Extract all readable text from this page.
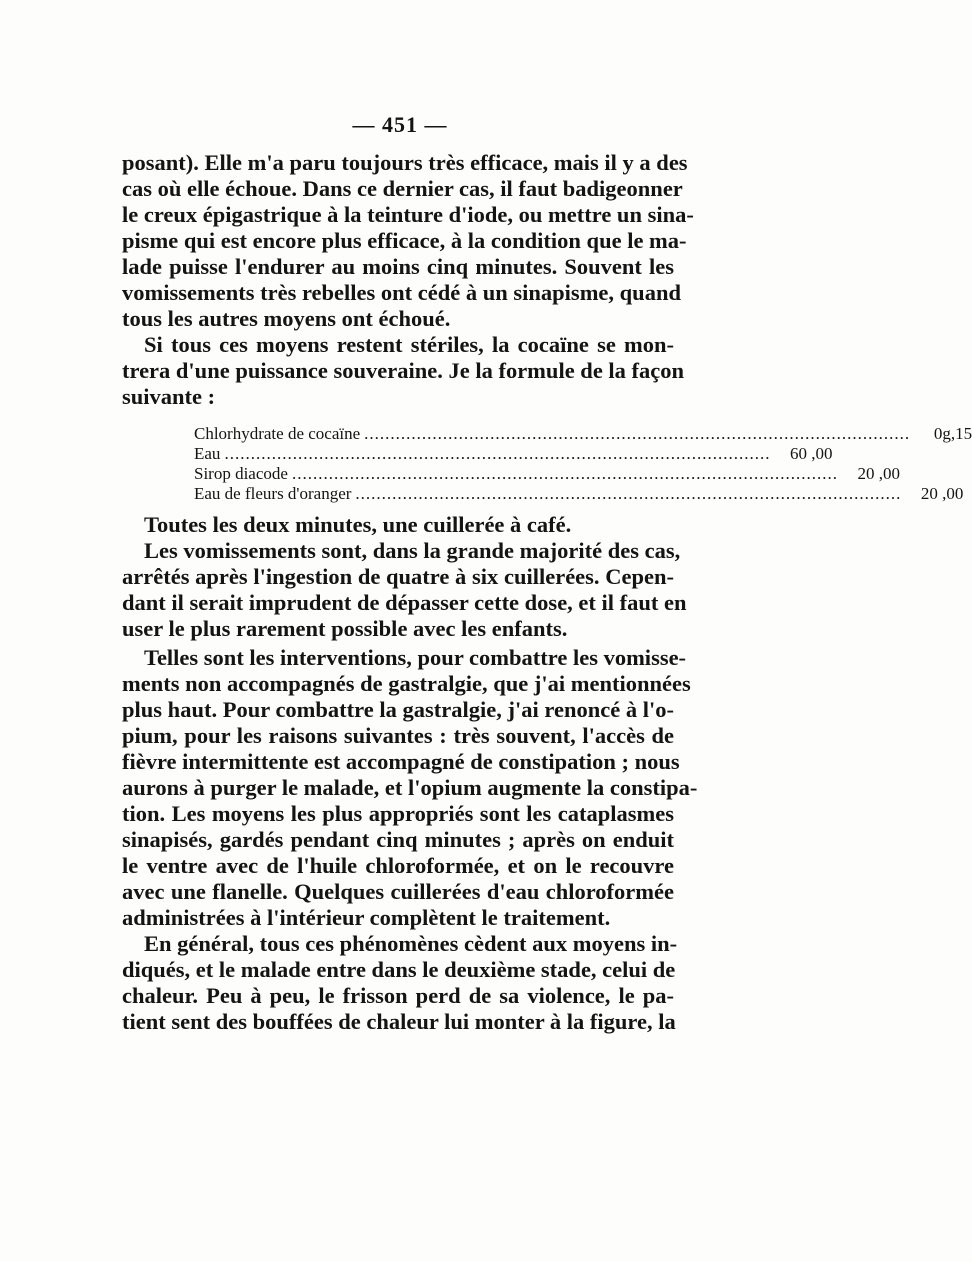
— 451 —
posant). Elle m'a paru toujours très efficace, mais il y a des
cas où elle échoue. Dans ce dernier cas, il faut badigeonner
le creux épigastrique à la teinture d'iode, ou mettre un sina-
pisme qui est encore plus efficace, à la condition que le ma-
lade puisse l'endurer au moins cinq minutes. Souvent les
vomissements très rebelles ont cédé à un sinapisme, quand
tous les autres moyens ont échoué.
Si tous ces moyens restent stériles, la cocaïne se mon-
trera d'une puissance souveraine. Je la formule de la façon
suivante :
Chlorhydrate de cocaïne ........................................................................................................	0g,15
Eau ........................................................................................................	60 ,00
Sirop diacode ........................................................................................................	20 ,00
Eau de fleurs d'oranger ........................................................................................................	20 ,00
Toutes les deux minutes, une cuillerée à café.
Les vomissements sont, dans la grande majorité des cas,
arrêtés après l'ingestion de quatre à six cuillerées. Cepen-
dant il serait imprudent de dépasser cette dose, et il faut en
user le plus rarement possible avec les enfants.
Telles sont les interventions, pour combattre les vomisse-
ments non accompagnés de gastralgie, que j'ai mentionnées
plus haut. Pour combattre la gastralgie, j'ai renoncé à l'o-
pium, pour les raisons suivantes : très souvent, l'accès de
fièvre intermittente est accompagné de constipation ; nous
aurons à purger le malade, et l'opium augmente la constipa-
tion. Les moyens les plus appropriés sont les cataplasmes
sinapisés, gardés pendant cinq minutes ; après on enduit
le ventre avec de l'huile chloroformée, et on le recouvre
avec une flanelle. Quelques cuillerées d'eau chloroformée
administrées à l'intérieur complètent le traitement.
En général, tous ces phénomènes cèdent aux moyens in-
diqués, et le malade entre dans le deuxième stade, celui de
chaleur. Peu à peu, le frisson perd de sa violence, le pa-
tient sent des bouffées de chaleur lui monter à la figure, la
